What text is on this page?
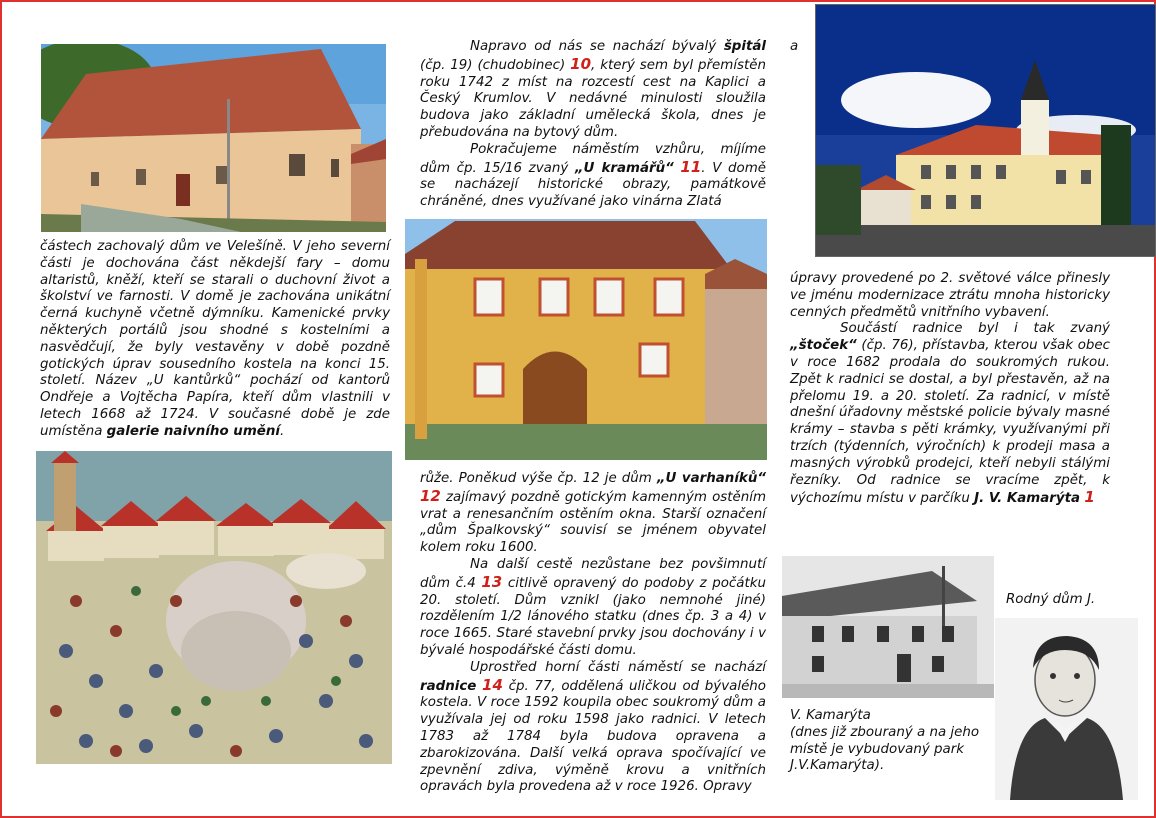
částech zachovalý dům ve Velešíně. V jeho severní části je dochována část někdejší fary – domu altaristů, kněží, kteří se starali o duchovní život a školství ve farnosti. V domě je zachována unikátní černá kuchyně včetně dýmníku. Kamenické prvky některých portálů jsou shodné s kostelními a nasvědčují, že byly vestavěny v době pozdně gotických úprav sousedního kostela na konci 15. století. Název „U kantůrků“ pochází od kantorů Ondřeje a Vojtěcha Papíra, kteří dům vlastnili v letech 1668 až 1724. V současné době je zde umístěna galerie naivního umění.

Napravo od nás se nachází bývalý špitál (čp. 19) (chudobinec) 10, který sem byl přemístěn roku 1742 z míst na rozcestí cest na Kaplici a Český Krumlov. V nedávné minulosti sloužila budova jako základní umělecká škola, dnes je přebudována na bytový dům.

Pokračujeme náměstím vzhůru, míjíme dům čp. 15/16 zvaný „U kramářů“ 11. V domě se nacházejí historické obrazy, památkově chráněné, dnes využívané jako vinárna Zlatá

růže. Poněkud výše čp. 12 je dům „U varhaníků“ 12 zajímavý pozdně gotickým kamenným ostěním vrat a renesančním ostěním okna. Starší označení „dům Špalkovský“ souvisí se jménem obyvatel kolem roku 1600.

Na další cestě nezůstane bez povšimnutí dům č.4 13 citlivě opravený do podoby z počátku 20. století. Dům vznikl (jako nemnohé jiné) rozdělením 1/2 lánového statku (dnes čp. 3 a 4) v roce 1665. Staré stavební prvky jsou dochovány i v bývalé hospodářské části domu.

Uprostřed horní části náměstí se nachází radnice 14 čp. 77, oddělená uličkou od bývalého kostela. V roce 1592 koupila obec soukromý dům a využívala jej od roku 1598 jako radnici. V letech 1783 až 1784 byla budova opravena a zbarokizována. Další velká oprava spočívající ve zpevnění zdiva, výměně krovu a vnitřních opravách byla provedena až v roce 1926. Opravy

a

úpravy provedené po 2. světové válce přinesly ve jménu modernizace ztrátu mnoha historicky cenných předmětů vnitřního vybavení.

Součástí radnice byl i tak zvaný „štoček“ (čp. 76), přístavba, kterou však obec v roce 1682 prodala do soukromých rukou. Zpět k radnici se dostal, a byl přestavěn, až na přelomu 19. a 20. století. Za radnicí, v místě dnešní úřadovny městské policie bývaly masné krámy – stavba s pěti krámky, využívanými při trzích (týdenních, výročních) k prodeji masa a masných výrobků prodejci, kteří nebyli stálými řezníky. Od radnice se vracíme zpět, k výchozímu místu v parčíku J. V. Kamarýta 1

Rodný dům J.
V. Kamarýta
(dnes již zbouraný a na jeho místě je vybudovaný park J.V.Kamarýta).
